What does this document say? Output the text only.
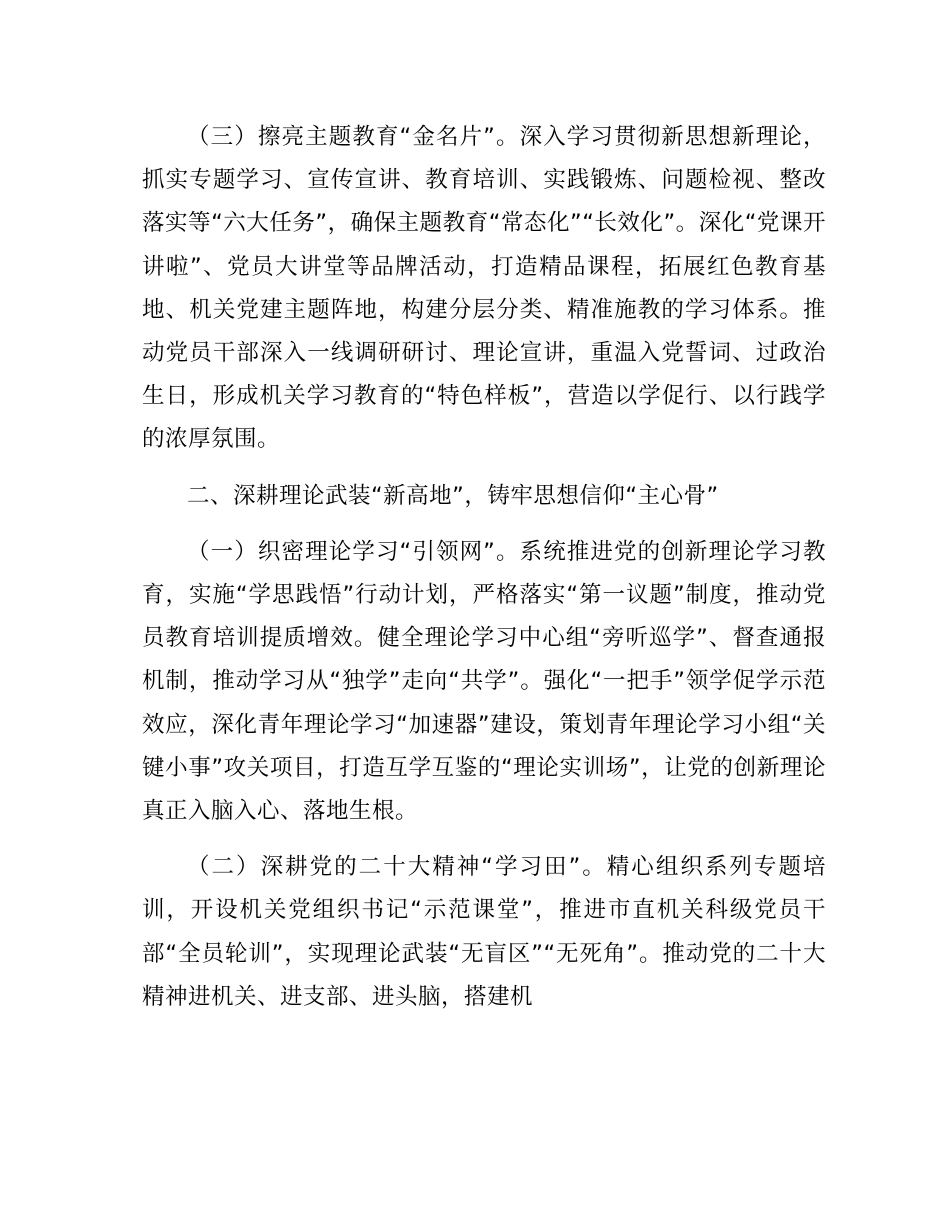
（三）擦亮主题教育“金名片”。深入学习贯彻新思想新理论，抓实专题学习、宣传宣讲、教育培训、实践锻炼、问题检视、整改落实等“六大任务”，确保主题教育“常态化”“长效化”。深化“党课开讲啦”、党员大讲堂等品牌活动，打造精品课程，拓展红色教育基地、机关党建主题阵地，构建分层分类、精准施教的学习体系。推动党员干部深入一线调研研讨、理论宣讲，重温入党誓词、过政治生日，形成机关学习教育的“特色样板”，营造以学促行、以行践学的浓厚氛围。

二、深耕理论武装“新高地”，铸牢思想信仰“主心骨”

（一）织密理论学习“引领网”。系统推进党的创新理论学习教育，实施“学思践悟”行动计划，严格落实“第一议题”制度，推动党员教育培训提质增效。健全理论学习中心组“旁听巡学”、督查通报机制，推动学习从“独学”走向“共学”。强化“一把手”领学促学示范效应，深化青年理论学习“加速器”建设，策划青年理论学习小组“关键小事”攻关项目，打造互学互鉴的“理论实训场”，让党的创新理论真正入脑入心、落地生根。

（二）深耕党的二十大精神“学习田”。精心组织系列专题培训，开设机关党组织书记“示范课堂”，推进市直机关科级党员干部“全员轮训”，实现理论武装“无盲区”“无死角”。推动党的二十大精神进机关、进支部、进头脑，搭建机
